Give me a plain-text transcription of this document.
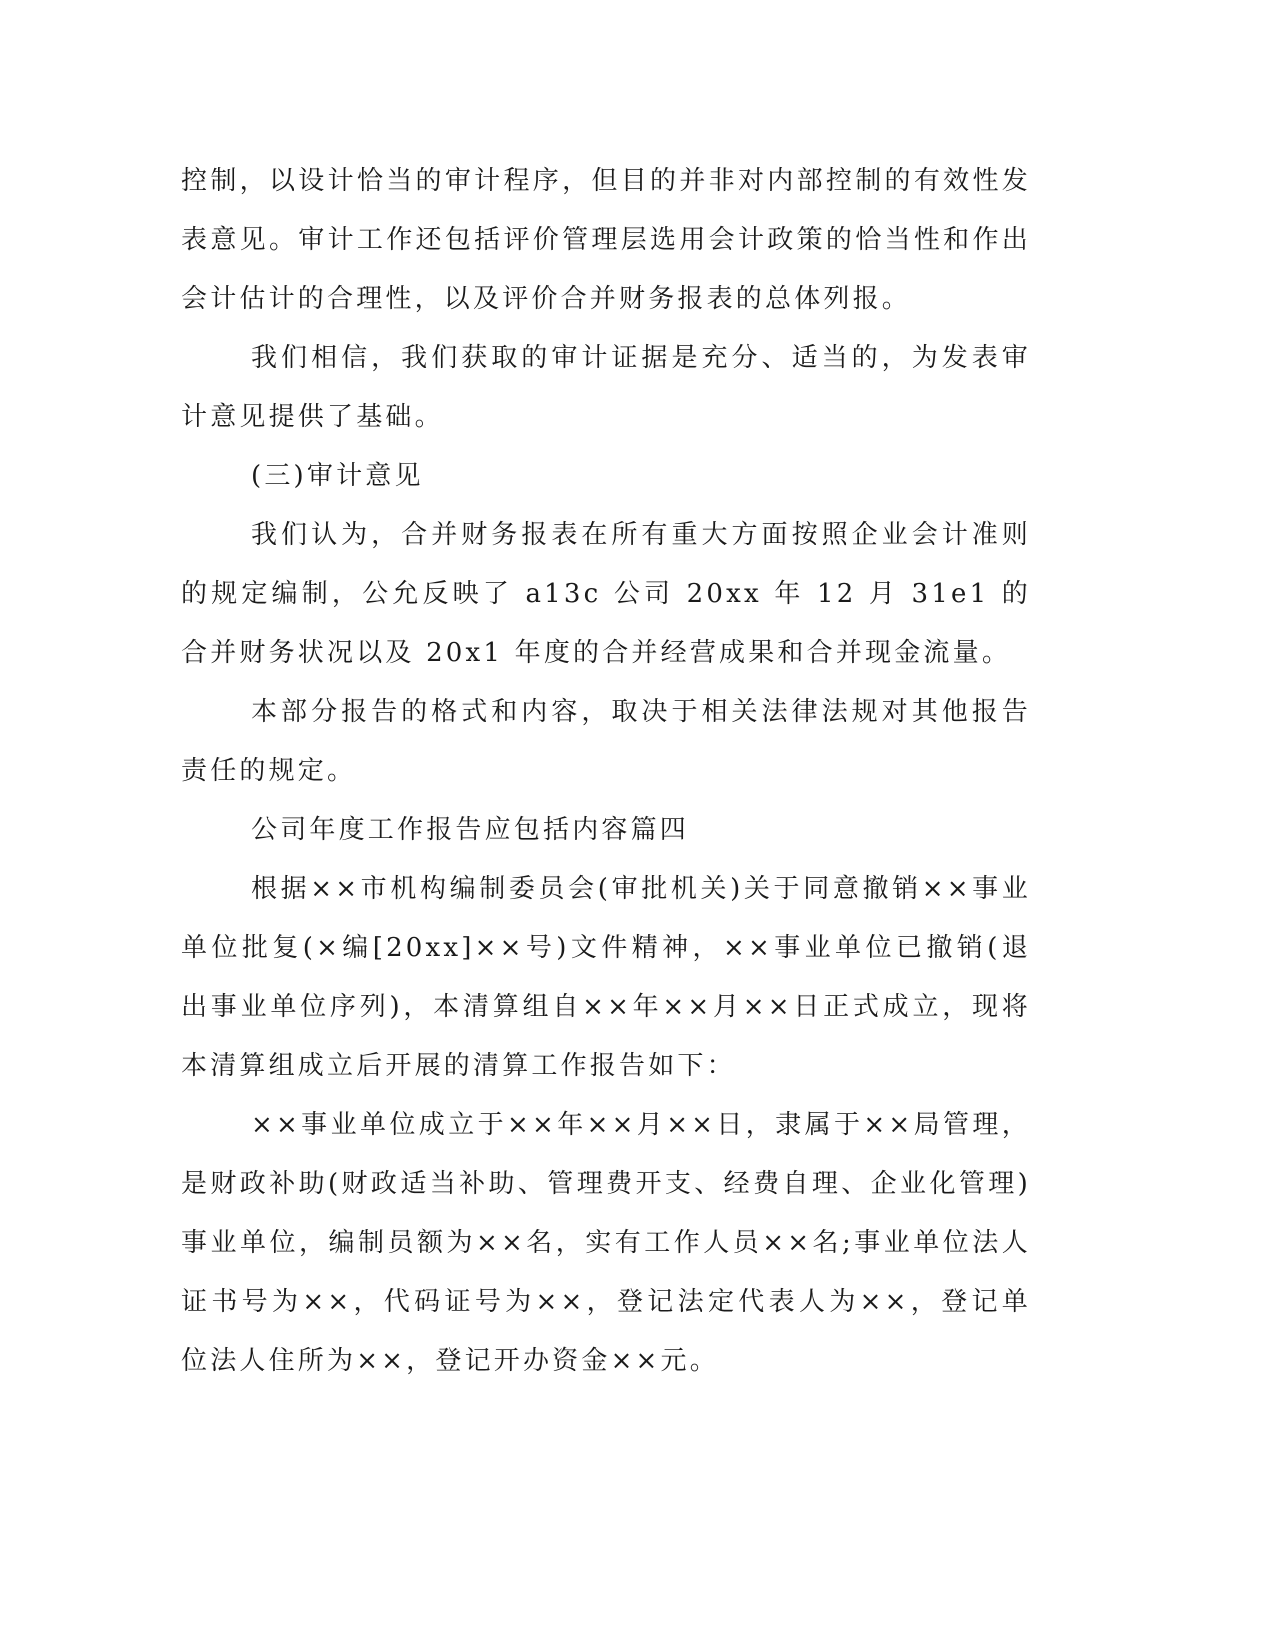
控制，以设计恰当的审计程序，但目的并非对内部控制的有效性发表意见。审计工作还包括评价管理层选用会计政策的恰当性和作出会计估计的合理性，以及评价合并财务报表的总体列报。

我们相信，我们获取的审计证据是充分、适当的，为发表审计意见提供了基础。

(三)审计意见

我们认为，合并财务报表在所有重大方面按照企业会计准则的规定编制，公允反映了 a13c 公司 20xx 年 12 月 31e1 的合并财务状况以及 20x1 年度的合并经营成果和合并现金流量。

本部分报告的格式和内容，取决于相关法律法规对其他报告责任的规定。

公司年度工作报告应包括内容篇四

根据××市机构编制委员会(审批机关)关于同意撤销××事业单位批复(×编[20xx]××号)文件精神，××事业单位已撤销(退出事业单位序列)，本清算组自××年××月××日正式成立，现将本清算组成立后开展的清算工作报告如下：

××事业单位成立于××年××月××日，隶属于××局管理，是财政补助(财政适当补助、管理费开支、经费自理、企业化管理)事业单位，编制员额为××名，实有工作人员××名;事业单位法人证书号为××，代码证号为××，登记法定代表人为××，登记单位法人住所为××，登记开办资金××元。
